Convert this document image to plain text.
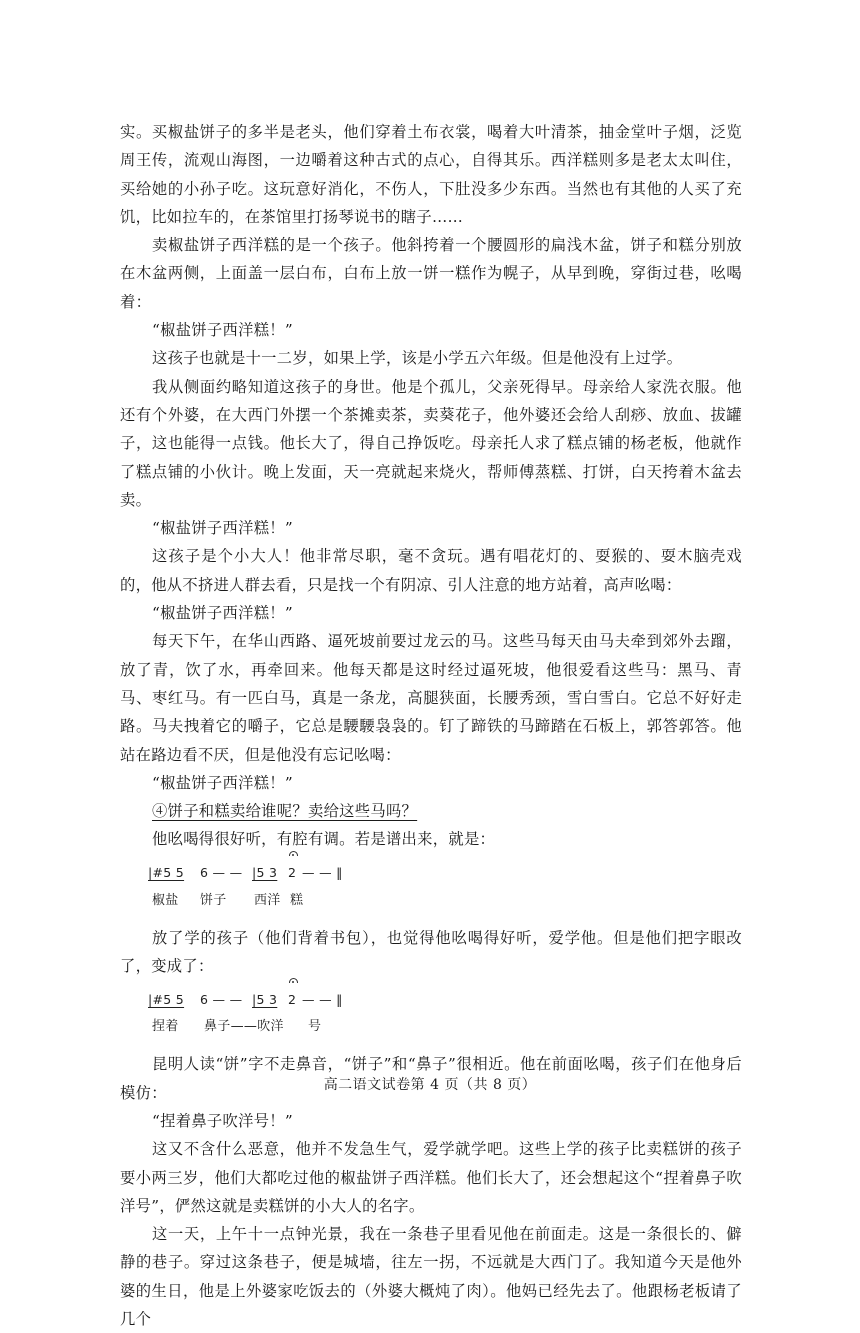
实。买椒盐饼子的多半是老头，他们穿着土布衣裳，喝着大叶清茶，抽金堂叶子烟，泛览周王传，流观山海图，一边嚼着这种古式的点心，自得其乐。西洋糕则多是老太太叫住，买给她的小孙子吃。这玩意好消化，不伤人，下肚没多少东西。当然也有其他的人买了充饥，比如拉车的，在茶馆里打扬琴说书的瞎子……

卖椒盐饼子西洋糕的是一个孩子。他斜挎着一个腰圆形的扁浅木盆，饼子和糕分别放在木盆两侧，上面盖一层白布，白布上放一饼一糕作为幌子，从早到晚，穿街过巷，吆喝着：

“椒盐饼子西洋糕！”

这孩子也就是十一二岁，如果上学，该是小学五六年级。但是他没有上过学。

我从侧面约略知道这孩子的身世。他是个孤儿，父亲死得早。母亲给人家洗衣服。他还有个外婆，在大西门外摆一个茶摊卖茶，卖葵花子，他外婆还会给人刮痧、放血、拔罐子，这也能得一点钱。他长大了，得自己挣饭吃。母亲托人求了糕点铺的杨老板，他就作了糕点铺的小伙计。晚上发面，天一亮就起来烧火，帮师傅蒸糕、打饼，白天挎着木盆去卖。

“椒盐饼子西洋糕！”

这孩子是个小大人！他非常尽职，毫不贪玩。遇有唱花灯的、耍猴的、耍木脑壳戏的，他从不挤进人群去看，只是找一个有阴凉、引人注意的地方站着，高声吆喝：

“椒盐饼子西洋糕！”

每天下午，在华山西路、逼死坡前要过龙云的马。这些马每天由马夫牵到郊外去蹓，放了青，饮了水，再牵回来。他每天都是这时经过逼死坡，他很爱看这些马：黑马、青马、枣红马。有一匹白马，真是一条龙，高腿狭面，长腰秀颈，雪白雪白。它总不好好走路。马夫拽着它的嚼子，它总是騕騕袅袅的。钉了蹄铁的马蹄踏在石板上，郭答郭答。他站在路边看不厌，但是他没有忘记吆喝：

“椒盐饼子西洋糕！”

④饼子和糕卖给谁呢？卖给这些马吗？

他吆喝得很好听，有腔有调。若是谱出来，就是：

|#5 5	6 — — |5 3 2 — — ‖
椒盐	饼子	西洋 糕

放了学的孩子（他们背着书包），也觉得他吆喝得好听，爱学他。但是他们把字眼改了，变成了：

|#5 5	6 — — |5 3 2 — — ‖
捏着	鼻子——吹洋	号

昆明人读“饼”字不走鼻音，“饼子”和“鼻子”很相近。他在前面吆喝，孩子们在他身后模仿：

“捏着鼻子吹洋号！”

这又不含什么恶意，他并不发急生气，爱学就学吧。这些上学的孩子比卖糕饼的孩子要小两三岁，他们大都吃过他的椒盐饼子西洋糕。他们长大了，还会想起这个“捏着鼻子吹洋号”，俨然这就是卖糕饼的小大人的名字。

这一天，上午十一点钟光景，我在一条巷子里看见他在前面走。这是一条很长的、僻静的巷子。穿过这条巷子，便是城墙，往左一拐，不远就是大西门了。我知道今天是他外婆的生日，他是上外婆家吃饭去的（外婆大概炖了肉）。他妈已经先去了。他跟杨老板请了几个

高二语文试卷第 4 页（共 8 页）
